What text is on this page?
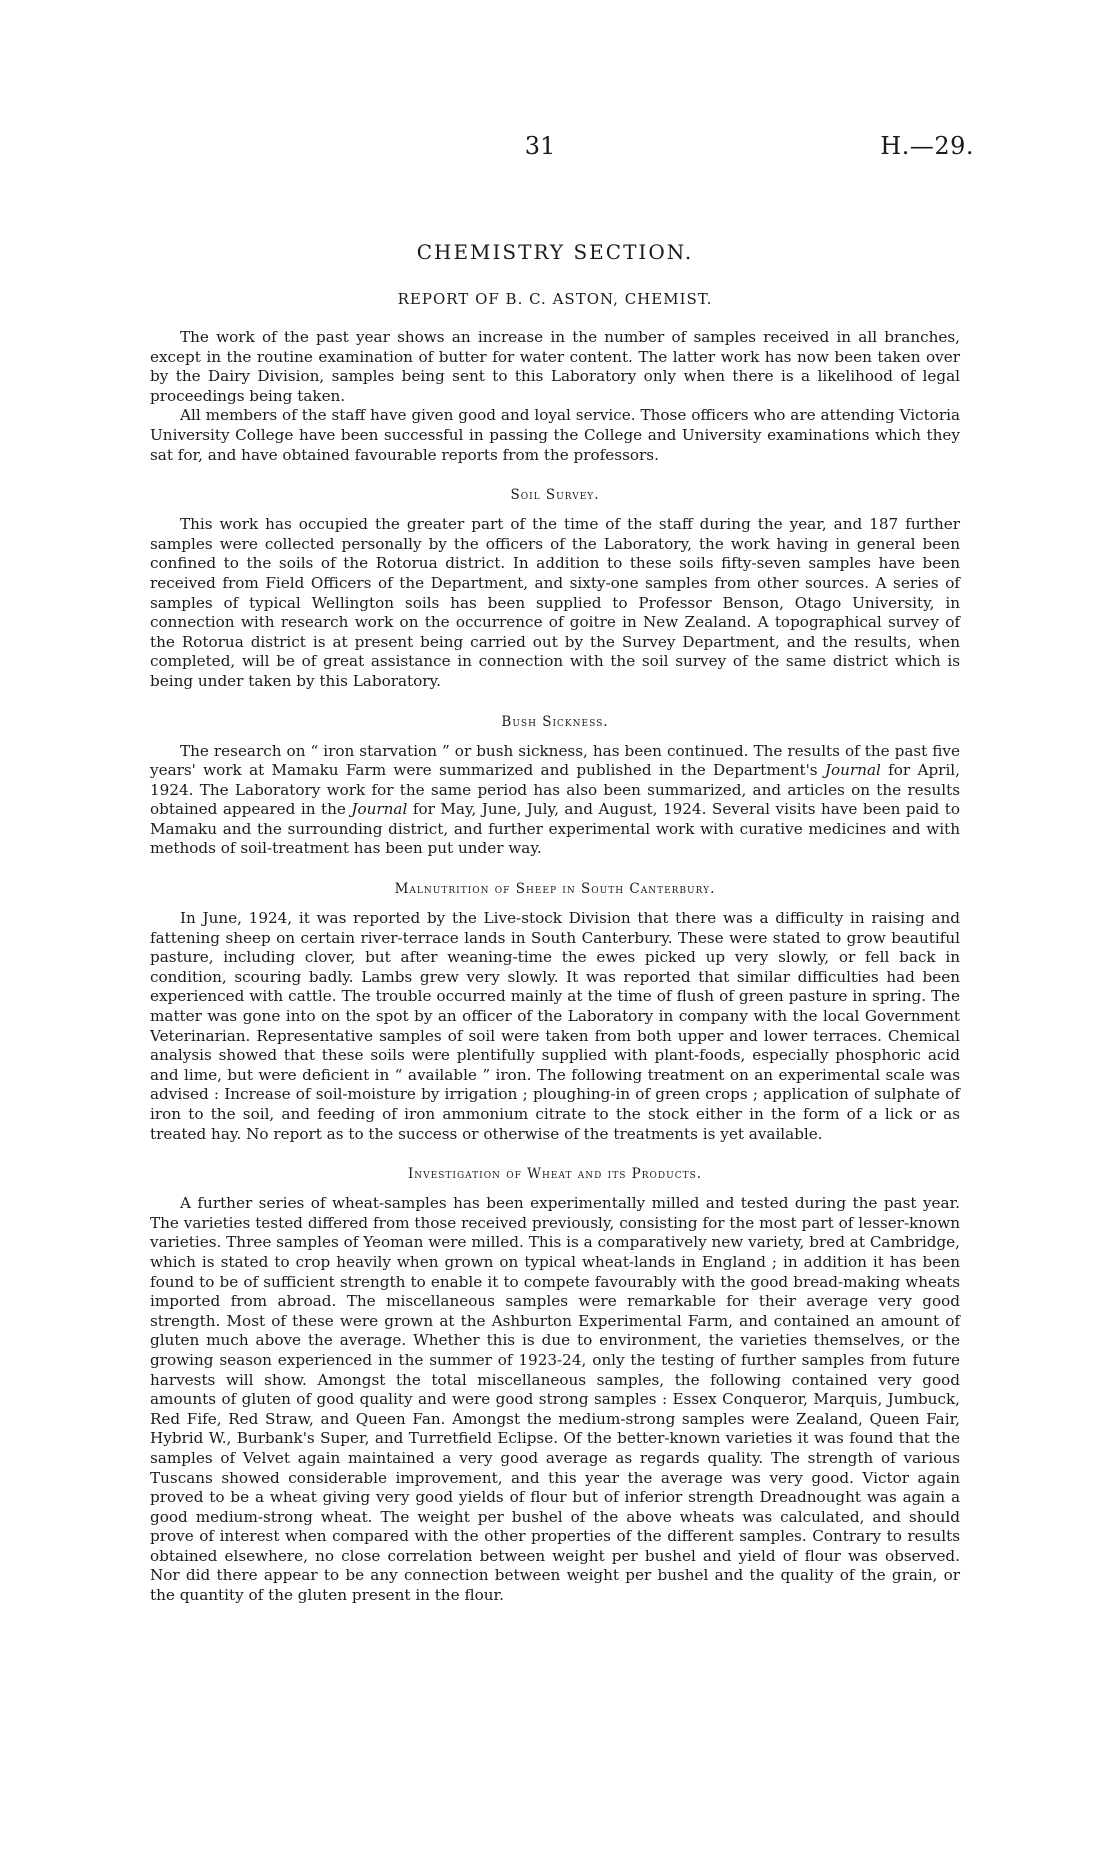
31	H.—29.
CHEMISTRY SECTION.
REPORT OF B. C. ASTON, CHEMIST.

The work of the past year shows an increase in the number of samples received in all branches, except in the routine examination of butter for water content. The latter work has now been taken over by the Dairy Division, samples being sent to this Laboratory only when there is a likelihood of legal proceedings being taken.

All members of the staff have given good and loyal service. Those officers who are attending Victoria University College have been successful in passing the College and University examinations which they sat for, and have obtained favourable reports from the professors.

Soil Survey.

This work has occupied the greater part of the time of the staff during the year, and 187 further samples were collected personally by the officers of the Laboratory, the work having in general been confined to the soils of the Rotorua district. In addition to these soils fifty-seven samples have been received from Field Officers of the Department, and sixty-one samples from other sources. A series of samples of typical Wellington soils has been supplied to Professor Benson, Otago University, in connection with research work on the occurrence of goitre in New Zealand. A topographical survey of the Rotorua district is at present being carried out by the Survey Department, and the results, when completed, will be of great assistance in connection with the soil survey of the same district which is being under taken by this Laboratory.

Bush Sickness.

The research on “ iron starvation ” or bush sickness, has been continued. The results of the past five years' work at Mamaku Farm were summarized and published in the Department's Journal for April, 1924. The Laboratory work for the same period has also been summarized, and articles on the results obtained appeared in the Journal for May, June, July, and August, 1924. Several visits have been paid to Mamaku and the surrounding district, and further experimental work with curative medicines and with methods of soil-treatment has been put under way.

Malnutrition of Sheep in South Canterbury.

In June, 1924, it was reported by the Live-stock Division that there was a difficulty in raising and fattening sheep on certain river-terrace lands in South Canterbury. These were stated to grow beautiful pasture, including clover, but after weaning-time the ewes picked up very slowly, or fell back in condition, scouring badly. Lambs grew very slowly. It was reported that similar difficulties had been experienced with cattle. The trouble occurred mainly at the time of flush of green pasture in spring. The matter was gone into on the spot by an officer of the Laboratory in company with the local Government Veterinarian. Representative samples of soil were taken from both upper and lower terraces. Chemical analysis showed that these soils were plentifully supplied with plant-foods, especially phosphoric acid and lime, but were deficient in “ available ” iron. The following treatment on an experimental scale was advised : Increase of soil-moisture by irrigation ; ploughing-in of green crops ; application of sulphate of iron to the soil, and feeding of iron ammonium citrate to the stock either in the form of a lick or as treated hay. No report as to the success or otherwise of the treatments is yet available.

Investigation of Wheat and its Products.

A further series of wheat-samples has been experimentally milled and tested during the past year. The varieties tested differed from those received previously, consisting for the most part of lesser-known varieties. Three samples of Yeoman were milled. This is a comparatively new variety, bred at Cambridge, which is stated to crop heavily when grown on typical wheat-lands in England ; in addition it has been found to be of sufficient strength to enable it to compete favourably with the good bread-making wheats imported from abroad. The miscellaneous samples were remarkable for their average very good strength. Most of these were grown at the Ashburton Experimental Farm, and contained an amount of gluten much above the average. Whether this is due to environment, the varieties themselves, or the growing season experienced in the summer of 1923-24, only the testing of further samples from future harvests will show. Amongst the total miscellaneous samples, the following contained very good amounts of gluten of good quality and were good strong samples : Essex Conqueror, Marquis, Jumbuck, Red Fife, Red Straw, and Queen Fan. Amongst the medium-strong samples were Zealand, Queen Fair, Hybrid W., Burbank's Super, and Turretfield Eclipse. Of the better-known varieties it was found that the samples of Velvet again maintained a very good average as regards quality. The strength of various Tuscans showed considerable improvement, and this year the average was very good. Victor again proved to be a wheat giving very good yields of flour but of inferior strength Dreadnought was again a good medium-strong wheat. The weight per bushel of the above wheats was calculated, and should prove of interest when compared with the other properties of the different samples. Contrary to results obtained elsewhere, no close correlation between weight per bushel and yield of flour was observed. Nor did there appear to be any connection between weight per bushel and the quality of the grain, or the quantity of the gluten present in the flour.
